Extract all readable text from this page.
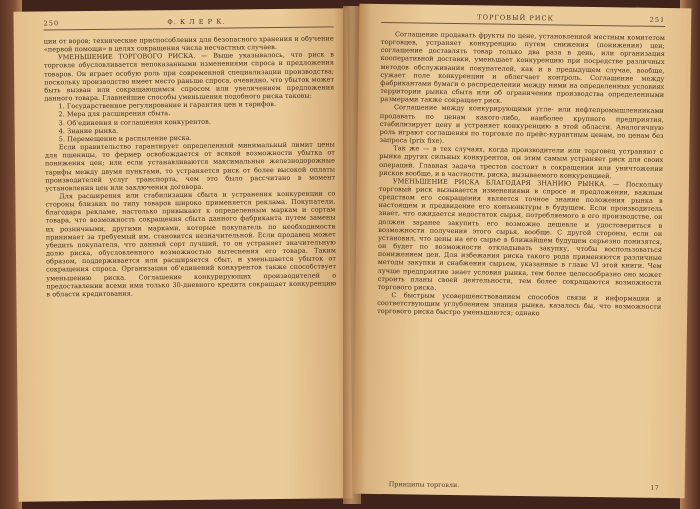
250	Ф. К Л Е Р К.

ции от воров; технические приспособления для безопасного хранения и обучение «первой помощи» в целях сокращения числа несчастных случаев.

УМЕНЬШЕНИЕ ТОРГОВОГО РИСКА. — Выше указывалось, что риск в торговле обусловливается непоказанными изменениями спроса и предложения товаров. Он играет особую роль при современной специализации производства; поскольку производство имеет место раньше спроса, очевидно, что убыток может быть вызван или сокращающимся спросом или увеличением предложения данного товара. Главнейшие способы уменьшения подобного риска таковы:

1. Государственное регулирование и гарантия цен и тарифов.
2. Мера для расширения сбыта.
3. Об'единения и соглашения конкурентов.
4. Знание рынка.
5. Перемещение и распыление риска.

Если правительство гарантирует определенный минимальный лимит цены для пшеницы, то фермер освобождается от всякой возможности убытка от понижения цен; или если устанавливаются максимальные железнодорожные тарифы между двумя пунктами, то устраняется риск от более высокой оплаты производителей услуг транспорта, чем это было рассчитано в момент установления цен или заключения договора.

Для расширения или стабилизации сбыта и устранения конкуренции со стороны близких по типу товаров широко применяется реклама. Покупатели, благодаря рекламе, настолько привыкают к определенным маркам и сортам товара, что возможность сокращения сбыта данного фабриканта путем замены их розничными, другими марками, которые покупатель по необходимости принимает за требуемый им, становится незначительной. Если продавец может убедить покупателя, что данный сорт лучший, то он устраняет значительную долю риска, обусловленного возможностью вытеснения его товара. Таким образом, поддерживается или расширяется сбыт, и уменьшается убыток от сокращения спроса. Организация об'единений конкурентов также способствует уменьшению риска. Соглашение конкурирующих производителей о предоставлении всеми ими только 30-дневного кредита сокращает конкуренцию в области кредитования.

ТОРГОВЫЙ РИСК	251

Соглашение продавать фрукты по цене, установленной местным комитетом торговцев, устраняет конкуренцию путем снижения (понижения) цен; соглашение доставлять товар только два раза в день, или организация кооперативной доставки, уменьшает конкуренцию при посредстве различных методов обслуживания покупателей, как и в предыдущем случае, вообще, сужает поле конкуренции и облегчает контроль. Соглашение между фабрикантами бумаги о распределении между ними на определенных условиях территории рынка сбыта или об ограничении производства определенными размерами также сокращает риск.

Соглашение между конкурирующими угле- или нефтепромышленниками продавать по ценам какого-либо, наиболее крупного предприятия, стабилизирует цену и устраняет конкуренцию в этой области. Аналогичную роль играют соглашения по торговле по прейс-курантным ценам, по ценам без запроса (prix fixe).

Так же — в тех случаях, когда производители или торговец устраняют с рынка других сильных конкурентов, он этим самым устраняет риск для своих операций. Главная задача трестов состоит в сокращении или уничтожении рисков вообще, и в частности, риска, вызываемого конкуренцией.

УМЕНЬШЕНИЕ РИСКА БЛАГОДАРЯ ЗНАНИЮ РЫНКА. — Поскольку торговый риск вызывается изменениями в спросе и предложении, важным средством его сокращения является точное знание положения рынка в настоящем и предвидение его конъюнктуры в будущем. Если производитель знает, что ожидается недостаток сырья, потребляемого в его производстве, он должен заранее закупить его возможно дешевле и удостовериться в возможности получения этого сырья, вообще. С другой стороны, если он установил, что цены на его сырье в ближайшем будущем серьезно понизятся, он будет по возможности откладывать закупку, чтобы воспользоваться понижением цен. Для избежания риска такого рода применяются различные методы закупки и снабжения сырьем, указанные в главе VI этой книги. Чем лучше предприятие знает условия рынка, тем более целесообразно оно может строить планы своей деятельности, тем более сокращаются возможности торгового риска.

С быстрым усовершенствованием способов связи и информации и соответствующим углублением знания рынка, казалось бы, что возможности торгового риска быстро уменьшаются; однако

Принципы торговли.	17
